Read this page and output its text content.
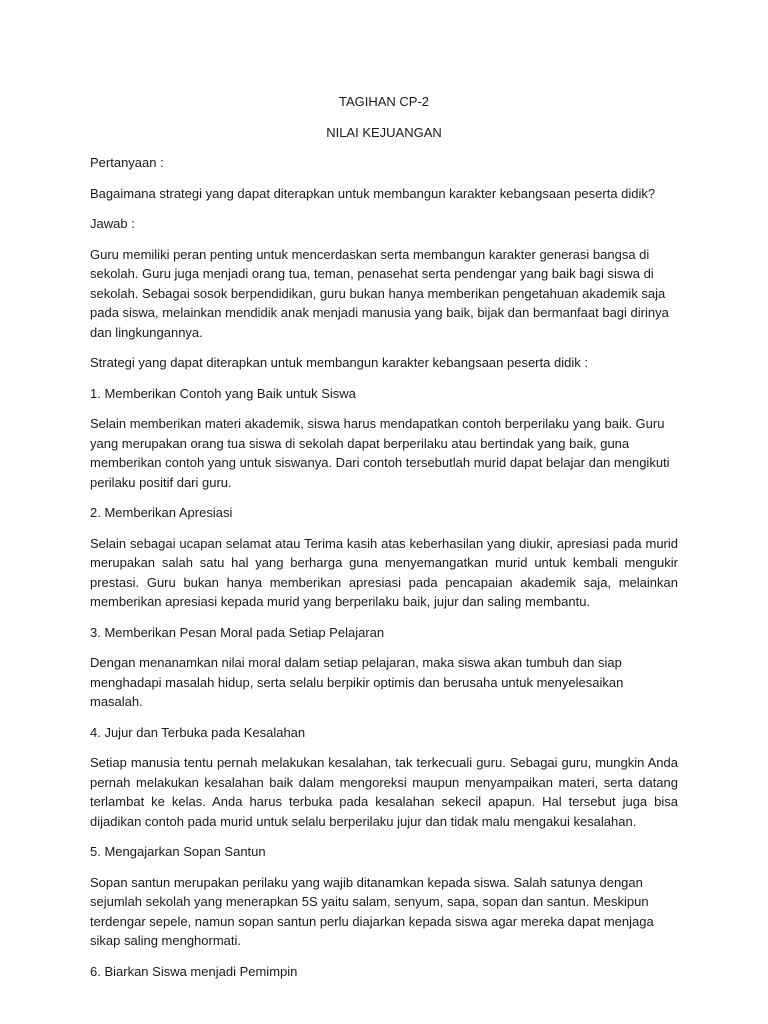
TAGIHAN CP-2

NILAI KEJUANGAN

Pertanyaan :

Bagaimana strategi yang dapat diterapkan untuk membangun karakter kebangsaan peserta didik?

Jawab :

Guru memiliki peran penting untuk mencerdaskan serta membangun karakter generasi bangsa di sekolah. Guru juga menjadi orang tua, teman, penasehat serta pendengar yang baik bagi siswa di sekolah. Sebagai sosok berpendidikan, guru bukan hanya memberikan pengetahuan akademik saja pada siswa, melainkan mendidik anak menjadi manusia yang baik, bijak dan bermanfaat bagi dirinya dan lingkungannya.

Strategi yang dapat diterapkan untuk membangun karakter kebangsaan peserta didik :

1. Memberikan Contoh yang Baik untuk Siswa

Selain memberikan materi akademik, siswa harus mendapatkan contoh berperilaku yang baik. Guru yang merupakan orang tua siswa di sekolah dapat berperilaku atau bertindak yang baik, guna memberikan contoh yang untuk siswanya. Dari contoh tersebutlah murid dapat belajar dan mengikuti perilaku positif dari guru.

2. Memberikan Apresiasi

Selain sebagai ucapan selamat atau Terima kasih atas keberhasilan yang diukir, apresiasi pada murid merupakan salah satu hal yang berharga guna menyemangatkan murid untuk kembali mengukir prestasi. Guru bukan hanya memberikan apresiasi pada pencapaian akademik saja, melainkan memberikan apresiasi kepada murid yang berperilaku baik, jujur dan saling membantu.

3. Memberikan Pesan Moral pada Setiap Pelajaran

Dengan menanamkan nilai moral dalam setiap pelajaran, maka siswa akan tumbuh dan siap menghadapi masalah hidup, serta selalu berpikir optimis dan berusaha untuk menyelesaikan masalah.

4. Jujur dan Terbuka pada Kesalahan

Setiap manusia tentu pernah melakukan kesalahan, tak terkecuali guru. Sebagai guru, mungkin Anda pernah melakukan kesalahan baik dalam mengoreksi maupun menyampaikan materi, serta datang terlambat ke kelas. Anda harus terbuka pada kesalahan sekecil apapun. Hal tersebut juga bisa dijadikan contoh pada murid untuk selalu berperilaku jujur dan tidak malu mengakui kesalahan.

5. Mengajarkan Sopan Santun

Sopan santun merupakan perilaku yang wajib ditanamkan kepada siswa. Salah satunya dengan sejumlah sekolah yang menerapkan 5S yaitu salam, senyum, sapa, sopan dan santun. Meskipun terdengar sepele, namun sopan santun perlu diajarkan kepada siswa agar mereka dapat menjaga sikap saling menghormati.

6. Biarkan Siswa menjadi Pemimpin
